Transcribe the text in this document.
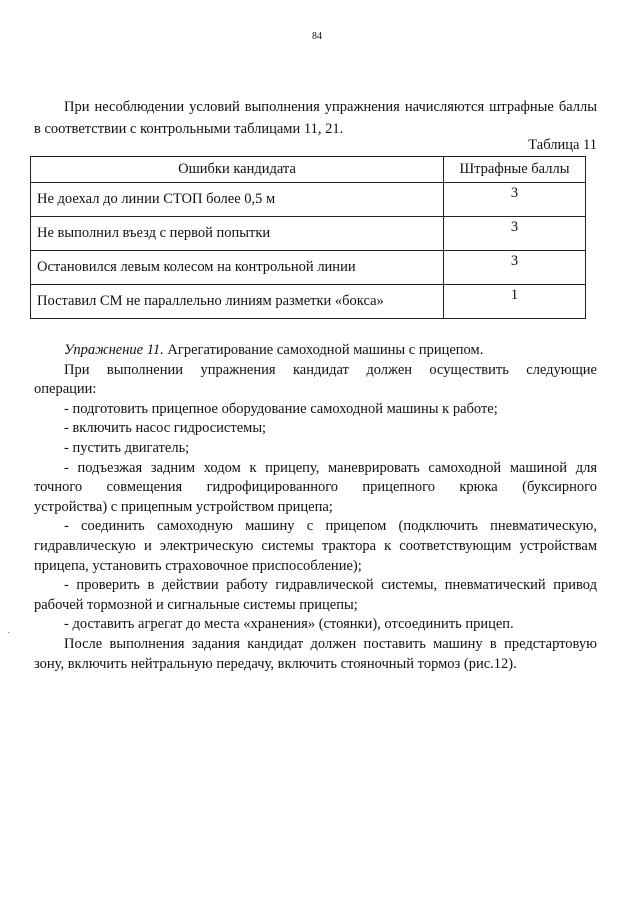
84
При несоблюдении условий выполнения упражнения начисляются штрафные баллы в соответствии с контрольными таблицами 11, 21.
Таблица 11
Ошибки кандидата	Штрафные баллы
Не доехал до линии СТОП более 0,5 м	3
Не выполнил въезд с первой попытки	3
Остановился левым колесом на контрольной линии	3
Поставил СМ не параллельно линиям разметки «бокса»	1

Упражнение 11. Агрегатирование самоходной машины с прицепом.

При выполнении упражнения кандидат должен осуществить следующие

операции:

- подготовить прицепное оборудование самоходной машины к работе;

- включить насос гидросистемы;

- пустить двигатель;

- подъезжая задним ходом к прицепу, маневрировать самоходной машиной для

точного совмещения гидрофицированного прицепного крюка (буксирного

устройства) с прицепным устройством прицепа;

- соединить самоходную машину с прицепом (подключить пневматическую,

гидравлическую и электрическую системы трактора к соответствующим устройствам

прицепа, установить страховочное приспособление);

- проверить в действии работу гидравлической системы, пневматический привод

рабочей тормозной и сигнальные системы прицепы;

- доставить агрегат до места «хранения» (стоянки), отсоединить прицеп.

После выполнения задания кандидат должен поставить машину в предстартовую

зону, включить нейтральную передачу, включить стояночный тормоз (рис.12).

·
